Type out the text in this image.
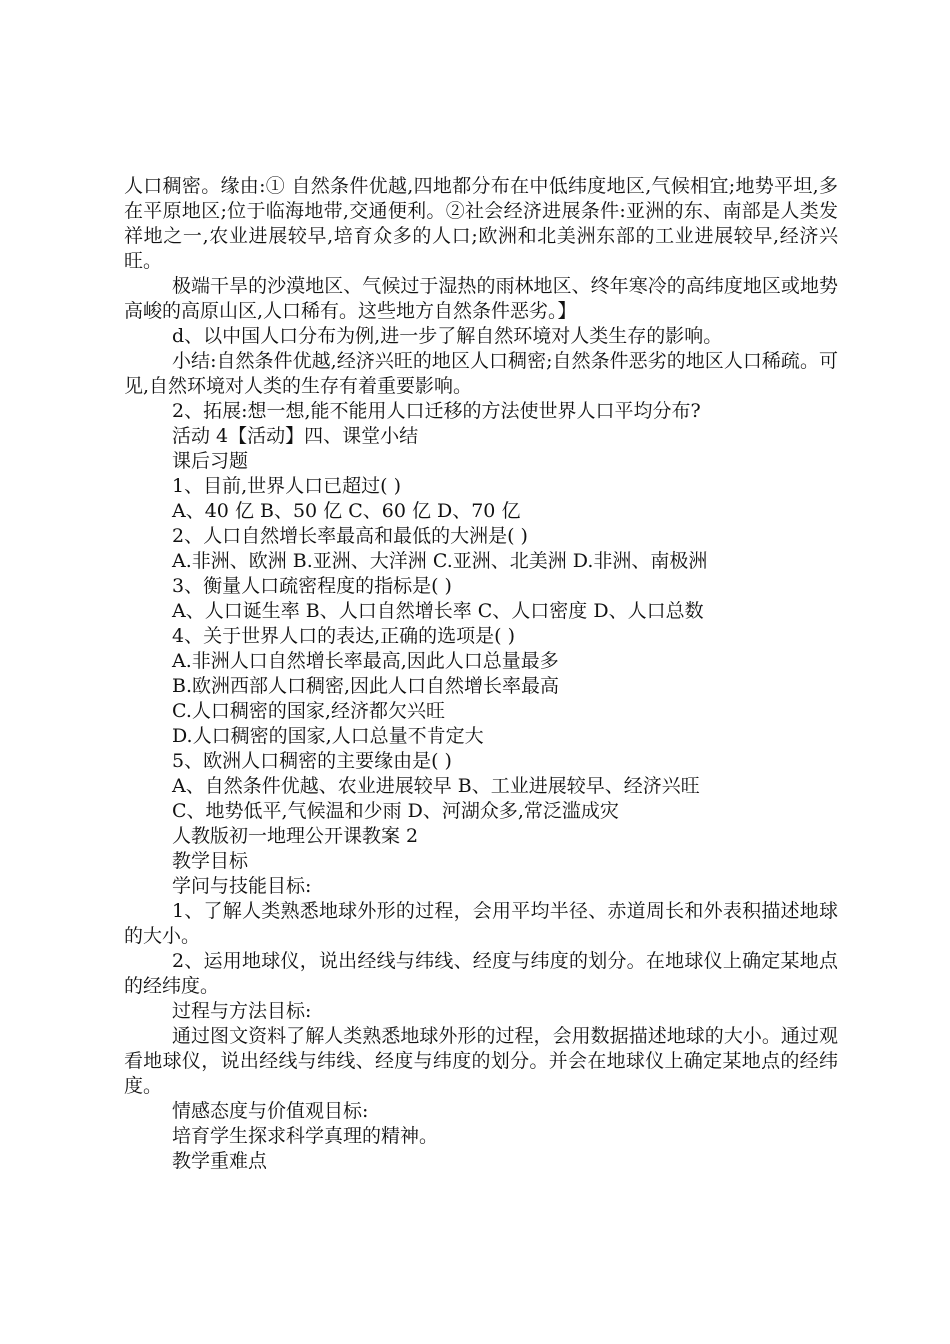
人口稠密。缘由:① 自然条件优越,四地都分布在中低纬度地区,气候相宜;地势平坦,多在平原地区;位于临海地带,交通便利。②社会经济进展条件:亚洲的东、南部是人类发祥地之一,农业进展较早,培育众多的人口;欧洲和北美洲东部的工业进展较早,经济兴旺。

极端干旱的沙漠地区、气候过于湿热的雨林地区、终年寒冷的高纬度地区或地势高峻的高原山区,人口稀有。这些地方自然条件恶劣。】

d、以中国人口分布为例,进一步了解自然环境对人类生存的影响。

小结:自然条件优越,经济兴旺的地区人口稠密;自然条件恶劣的地区人口稀疏。可见,自然环境对人类的生存有着重要影响。

2、拓展:想一想,能不能用人口迁移的方法使世界人口平均分布?

活动 4【活动】四、课堂小结

课后习题

1、目前,世界人口已超过( )

A、40 亿 B、50 亿 C、60 亿 D、70 亿

2、人口自然增长率最高和最低的大洲是( )

A.非洲、欧洲 B.亚洲、大洋洲 C.亚洲、北美洲 D.非洲、南极洲

3、衡量人口疏密程度的指标是( )

A、人口诞生率 B、人口自然增长率 C、人口密度 D、人口总数

4、关于世界人口的表达,正确的选项是( )

A.非洲人口自然增长率最高,因此人口总量最多

B.欧洲西部人口稠密,因此人口自然增长率最高

C.人口稠密的国家,经济都欠兴旺

D.人口稠密的国家,人口总量不肯定大

5、欧洲人口稠密的主要缘由是( )

A、自然条件优越、农业进展较早 B、工业进展较早、经济兴旺

C、地势低平,气候温和少雨 D、河湖众多,常泛滥成灾

人教版初一地理公开课教案 2

教学目标

学问与技能目标:

1、了解人类熟悉地球外形的过程，会用平均半径、赤道周长和外表积描述地球的大小。

2、运用地球仪，说出经线与纬线、经度与纬度的划分。在地球仪上确定某地点的经纬度。

过程与方法目标:

通过图文资料了解人类熟悉地球外形的过程，会用数据描述地球的大小。通过观看地球仪，说出经线与纬线、经度与纬度的划分。并会在地球仪上确定某地点的经纬度。

情感态度与价值观目标:

培育学生探求科学真理的精神。

教学重难点
